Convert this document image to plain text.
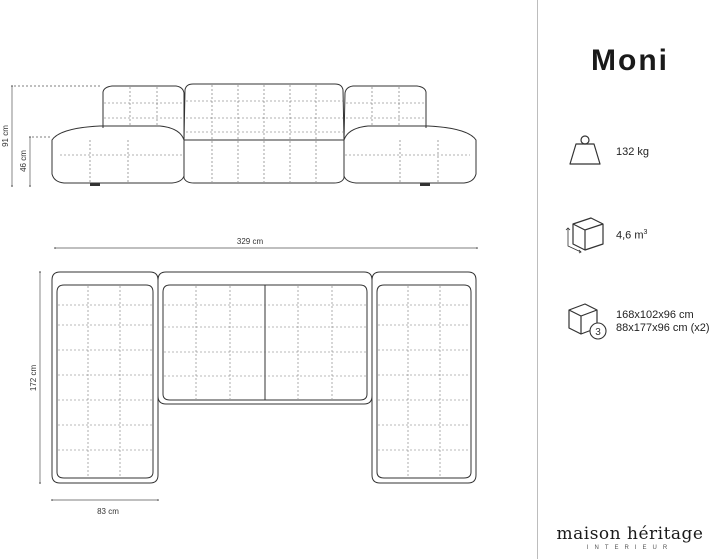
91 cm
46 cm
329 cm
172 cm
83 cm
Moni
132 kg
4,6 $m^3$
3
168x102x96 cm
88x177x96 cm (x2)
maison héritage
INTERIEUR
